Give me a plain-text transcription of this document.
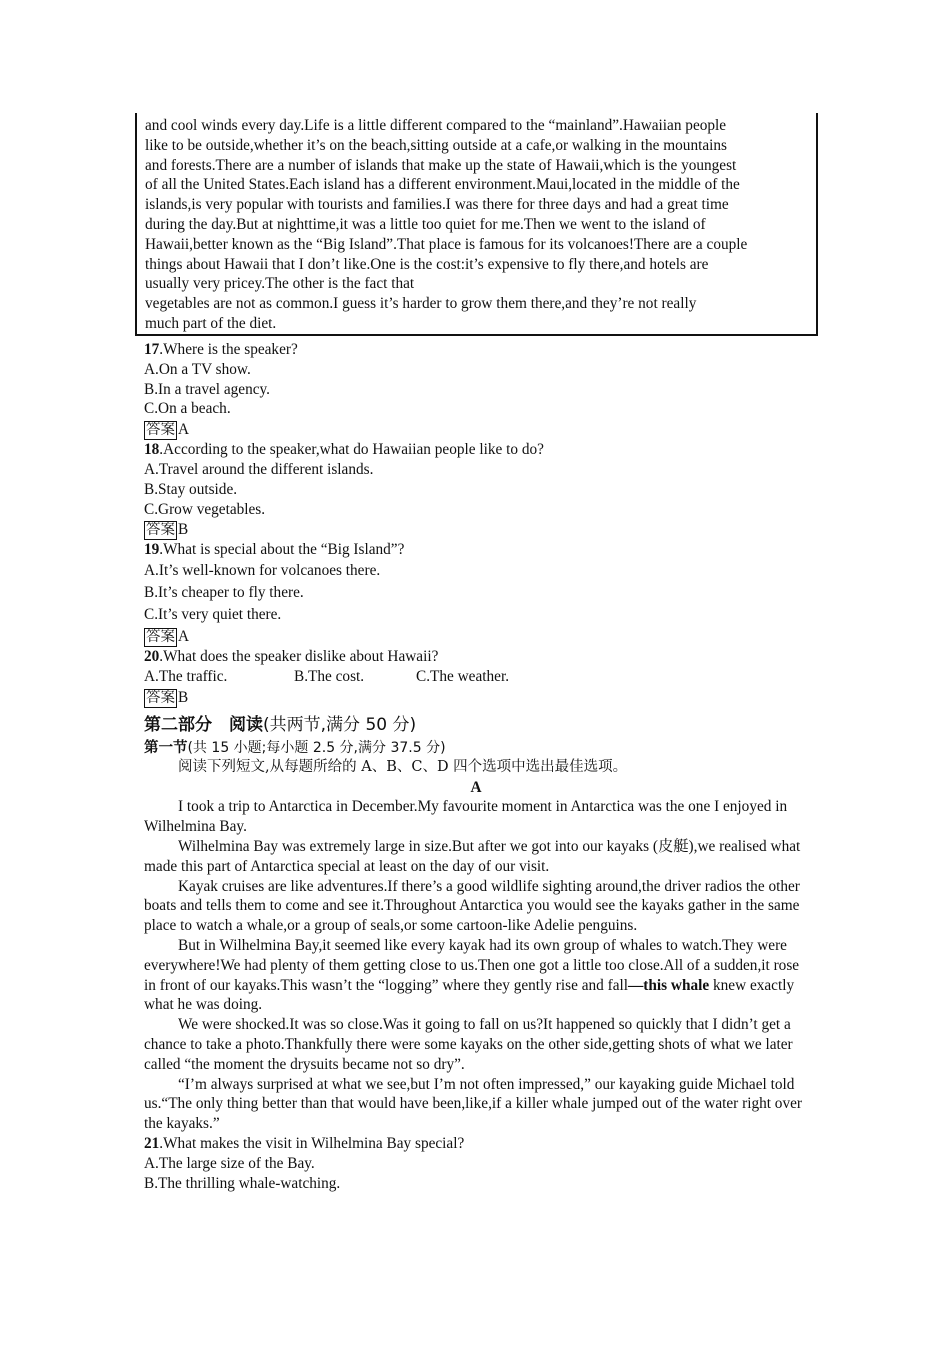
and cool winds every day.Life is a little different compared to the “mainland”.Hawaiian people

like to be outside,whether it’s on the beach,sitting outside at a cafe,or walking in the mountains

and forests.There are a number of islands that make up the state of Hawaii,which is the youngest

of all the United States.Each island has a different environment.Maui,located in the middle of the

islands,is very popular with tourists and families.I was there for three days and had a great time

during the day.But at nighttime,it was a little too quiet for me.Then we went to the island of

Hawaii,better known as the “Big Island”.That place is famous for its volcanoes!There are a couple

things about Hawaii that I don’t like.One is the cost:it’s expensive to fly there,and hotels are

usually very pricey.The other is the fact that

vegetables are not as common.I guess it’s harder to grow them there,and they’re not really

much part of the diet.

17.Where is the speaker?

A.On a TV show.

B.In a travel agency.

C.On a beach.

答案 A

18.According to the speaker,what do Hawaiian people like to do?

A.Travel around the different islands.

B.Stay outside.

C.Grow vegetables.

答案 B

19.What is special about the “Big Island”?

A.It’s well-known for volcanoes there.

B.It’s cheaper to fly there.

C.It’s very quiet there.

答案 A

20.What does the speaker dislike about Hawaii?

A.The traffic.	B.The cost.	C.The weather.

答案 B

第二部分　阅读(共两节,满分 50 分)

第一节(共 15 小题;每小题 2.5 分,满分 37.5 分)

阅读下列短文,从每题所给的 A、B、C、D 四个选项中选出最佳选项。

A

I took a trip to Antarctica in December.My favourite moment in Antarctica was the one I enjoyed in Wilhelmina Bay.

Wilhelmina Bay was extremely large in size.But after we got into our kayaks (皮艇),we realised what made this part of Antarctica special at least on the day of our visit.

Kayak cruises are like adventures.If there’s a good wildlife sighting around,the driver radios the other boats and tells them to come and see it.Throughout Antarctica you would see the kayaks gather in the same place to watch a whale,or a group of seals,or some cartoon-like Adelie penguins.

But in Wilhelmina Bay,it seemed like every kayak had its own group of whales to watch.They were everywhere!We had plenty of them getting close to us.Then one got a little too close.All of a sudden,it rose in front of our kayaks.This wasn’t the “logging” where they gently rise and fall—this whale knew exactly what he was doing.

We were shocked.It was so close.Was it going to fall on us?It happened so quickly that I didn’t get a chance to take a photo.Thankfully there were some kayaks on the other side,getting shots of what we later called “the moment the drysuits became not so dry”.

“I’m always surprised at what we see,but I’m not often impressed,” our kayaking guide Michael told us.“The only thing better than that would have been,like,if a killer whale jumped out of the water right over the kayaks.”

21.What makes the visit in Wilhelmina Bay special?

A.The large size of the Bay.

B.The thrilling whale-watching.
